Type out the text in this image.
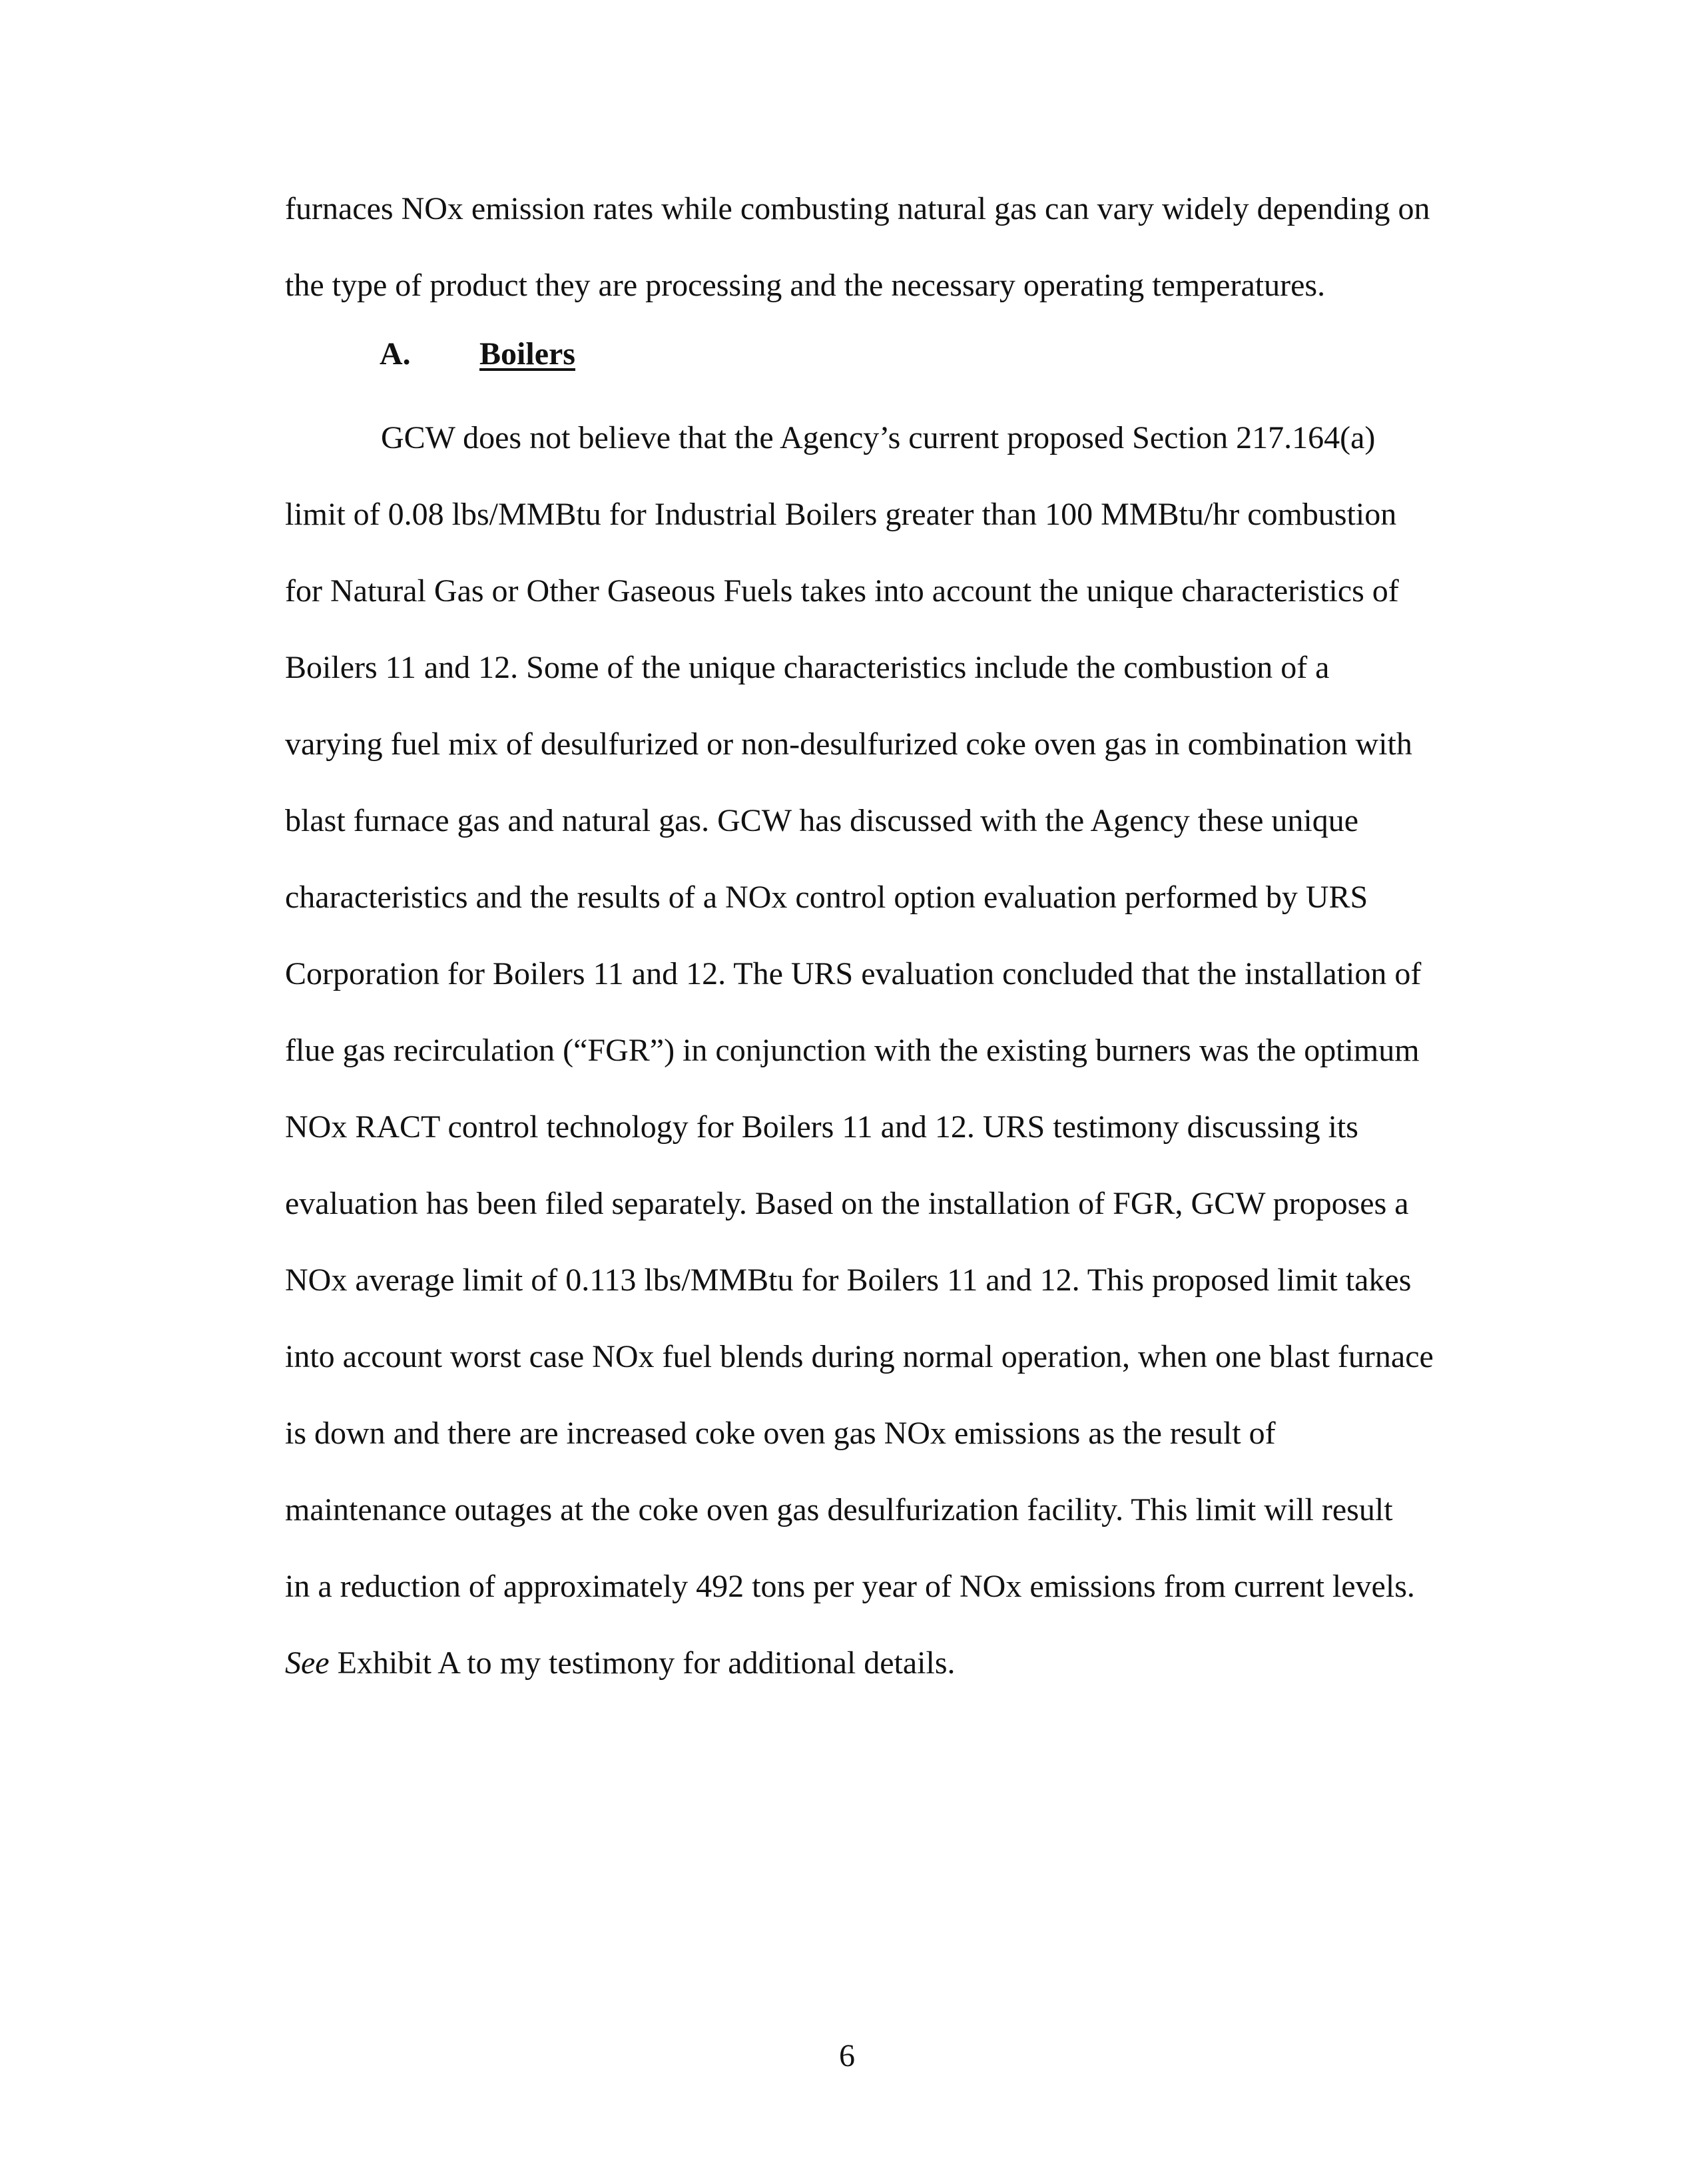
furnaces NOx emission rates while combusting natural gas can vary widely depending on
the type of product they are processing and the necessary operating temperatures.
A. Boilers
   GCW does not believe that the Agency’s current proposed Section 217.164(a)
limit of 0.08 lbs/MMBtu for Industrial Boilers greater than 100 MMBtu/hr combustion
for Natural Gas or Other Gaseous Fuels takes into account the unique characteristics of
Boilers 11 and 12. Some of the unique characteristics include the combustion of a
varying fuel mix of desulfurized or non-desulfurized coke oven gas in combination with
blast furnace gas and natural gas. GCW has discussed with the Agency these unique
characteristics and the results of a NOx control option evaluation performed by URS
Corporation for Boilers 11 and 12. The URS evaluation concluded that the installation of
flue gas recirculation (“FGR”) in conjunction with the existing burners was the optimum
NOx RACT control technology for Boilers 11 and 12. URS testimony discussing its
evaluation has been filed separately. Based on the installation of FGR, GCW proposes a
NOx average limit of 0.113 lbs/MMBtu for Boilers 11 and 12. This proposed limit takes
into account worst case NOx fuel blends during normal operation, when one blast furnace
is down and there are increased coke oven gas NOx emissions as the result of
maintenance outages at the coke oven gas desulfurization facility. This limit will result
in a reduction of approximately 492 tons per year of NOx emissions from current levels.
See Exhibit A to my testimony for additional details.
6
